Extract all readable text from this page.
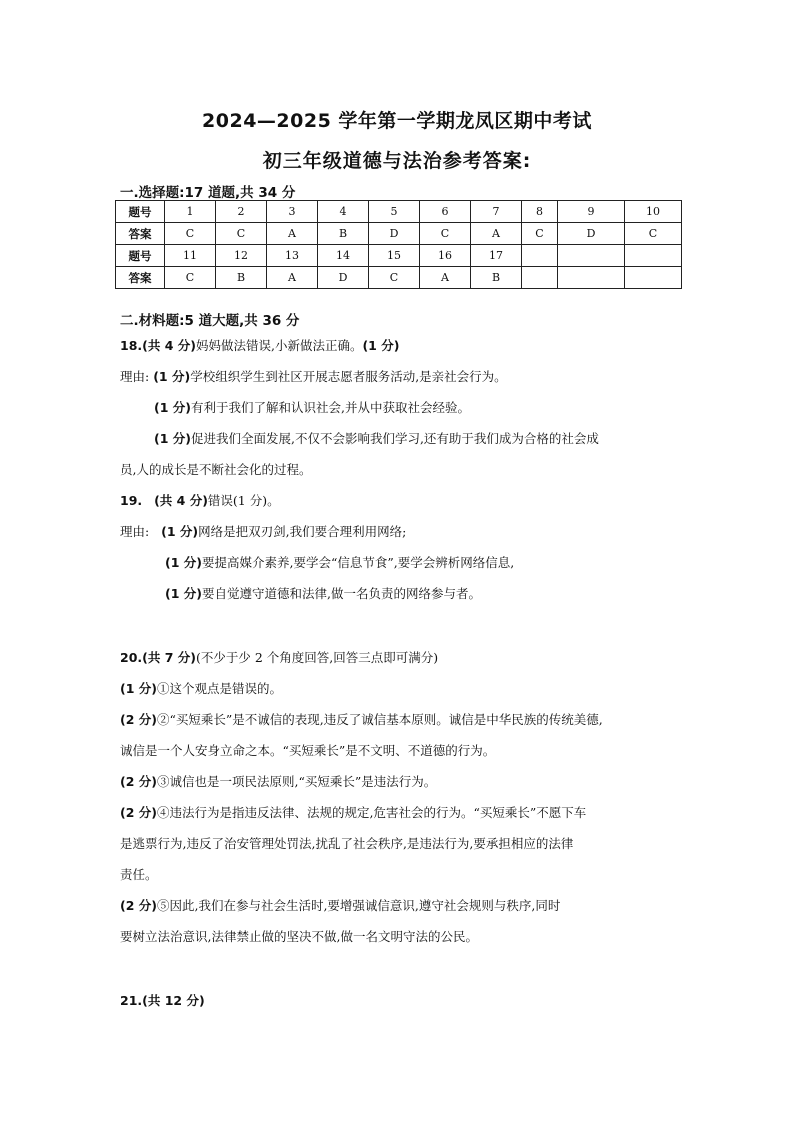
2024—2025 学年第一学期龙凤区期中考试
初三年级道德与法治参考答案:
一.选择题:17 道题,共 34 分
题号	1	2	3	4	5	6	7	8	9	10
答案	C	C	A	B	D	C	A	C	D	C
题号	11	12	13	14	15	16	17			
答案	C	B	A	D	C	A	B			
二.材料题:5 道大题,共 36 分
18.(共 4 分)妈妈做法错误,小新做法正确。(1 分)
理由: (1 分)学校组织学生到社区开展志愿者服务活动,是亲社会行为。
(1 分)有利于我们了解和认识社会,并从中获取社会经验。
(1 分)促进我们全面发展,不仅不会影响我们学习,还有助于我们成为合格的社会成
员,人的成长是不断社会化的过程。
19. (共 4 分)错误(1 分)。
理由: (1 分)网络是把双刃剑,我们要合理利用网络;
(1 分)要提高媒介素养,要学会“信息节食”,要学会辨析网络信息,
(1 分)要自觉遵守道德和法律,做一名负责的网络参与者。
20.(共 7 分)(不少于少 2 个角度回答,回答三点即可满分)
(1 分)①这个观点是错误的。
(2 分)②“买短乘长”是不诚信的表现,违反了诚信基本原则。诚信是中华民族的传统美德,
诚信是一个人安身立命之本。“买短乘长”是不文明、不道德的行为。
(2 分)③诚信也是一项民法原则,“买短乘长”是违法行为。
(2 分)④违法行为是指违反法律、法规的规定,危害社会的行为。“买短乘长”不愿下车
是逃票行为,违反了治安管理处罚法,扰乱了社会秩序,是违法行为,要承担相应的法律
责任。
(2 分)⑤因此,我们在参与社会生活时,要增强诚信意识,遵守社会规则与秩序,同时
要树立法治意识,法律禁止做的坚决不做,做一名文明守法的公民。
21.(共 12 分)
